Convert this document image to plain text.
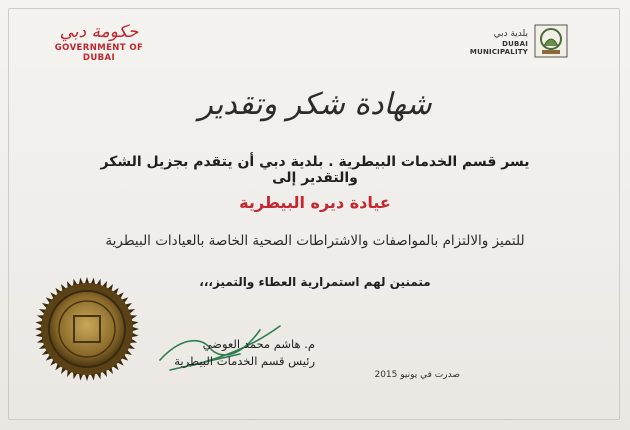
حكومة دبي
GOVERNMENT OF DUBAI
بلدية دبي
DUBAI MUNICIPALITY
شهادة شكر وتقدير
يسر قسم الخدمات البيطرية . بلدية دبي أن يتقدم بجزيل الشكر والتقدير إلى
عيادة ديره البيطرية
للتميز والالتزام بالمواصفات والاشتراطات الصحية الخاصة بالعيادات البيطرية
متمنين لهم استمرارية العطاء والتميز،،،
م. هاشم محمد العوضي
رئيس قسم الخدمات البيطرية
صدرت في يونيو 2015
